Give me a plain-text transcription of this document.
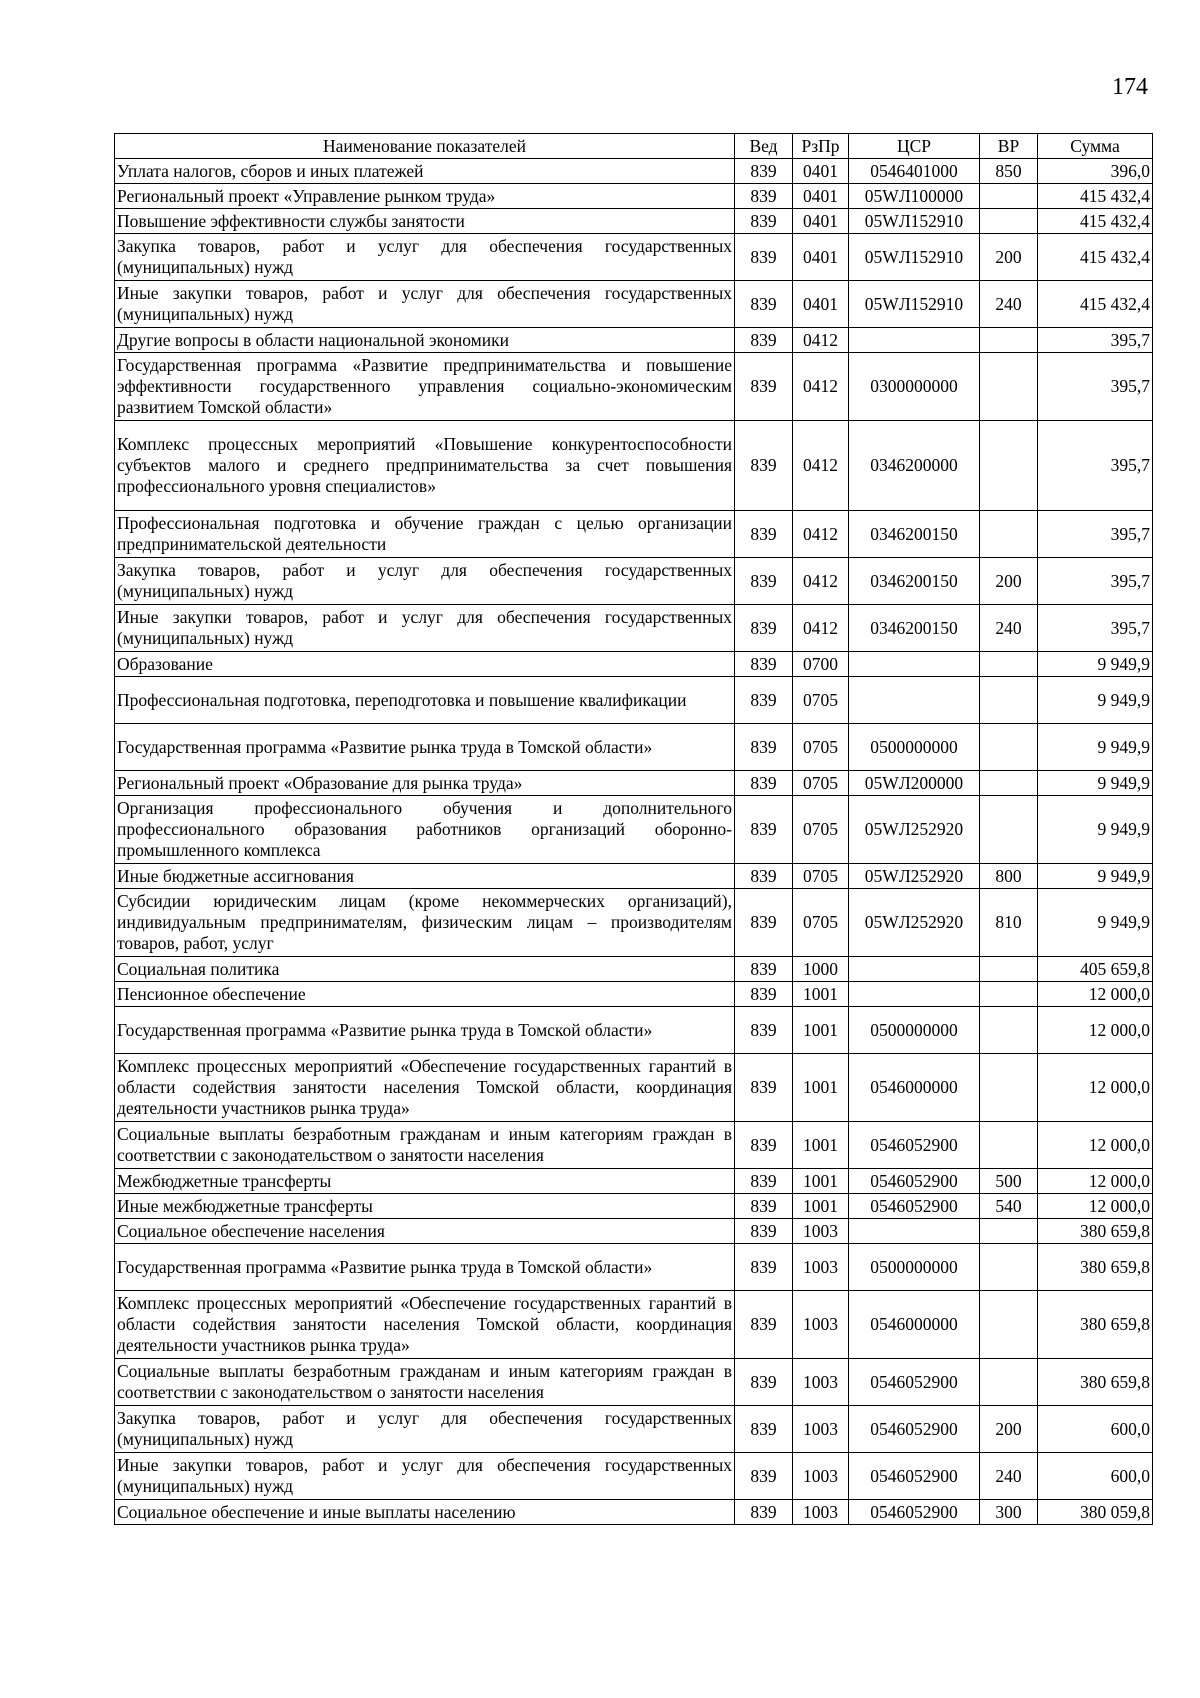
174
Наименование показателей	Вед	РзПр	ЦСР	ВР	Сумма
Уплата налогов, сборов и иных платежей	839	0401	0546401000	850	396,0
Региональный проект «Управление рынком труда»	839	0401	05WЛ100000		415 432,4
Повышение эффективности службы занятости	839	0401	05WЛ152910		415 432,4
Закупка товаров, работ и услуг для обеспечения государственных (муниципальных) нужд	839	0401	05WЛ152910	200	415 432,4
Иные закупки товаров, работ и услуг для обеспечения государственных (муниципальных) нужд	839	0401	05WЛ152910	240	415 432,4
Другие вопросы в области национальной экономики	839	0412			395,7
Государственная программа «Развитие предпринимательства и повышение эффективности государственного управления социально-экономическим развитием Томской области»	839	0412	0300000000		395,7
Комплекс процессных мероприятий «Повышение конкурентоспособности субъектов малого и среднего предпринимательства за счет повышения профессионального уровня специалистов»	839	0412	0346200000		395,7
Профессиональная подготовка и обучение граждан с целью организации предпринимательской деятельности	839	0412	0346200150		395,7
Закупка товаров, работ и услуг для обеспечения государственных (муниципальных) нужд	839	0412	0346200150	200	395,7
Иные закупки товаров, работ и услуг для обеспечения государственных (муниципальных) нужд	839	0412	0346200150	240	395,7
Образование	839	0700			9 949,9
Профессиональная подготовка, переподготовка и повышение квалификации	839	0705			9 949,9
Государственная программа «Развитие рынка труда в Томской области»	839	0705	0500000000		9 949,9
Региональный проект «Образование для рынка труда»	839	0705	05WЛ200000		9 949,9
Организация профессионального обучения и дополнительного профессионального образования работников организаций оборонно-промышленного комплекса	839	0705	05WЛ252920		9 949,9
Иные бюджетные ассигнования	839	0705	05WЛ252920	800	9 949,9
Субсидии юридическим лицам (кроме некоммерческих организаций), индивидуальным предпринимателям, физическим лицам – производителям товаров, работ, услуг	839	0705	05WЛ252920	810	9 949,9
Социальная политика	839	1000			405 659,8
Пенсионное обеспечение	839	1001			12 000,0
Государственная программа «Развитие рынка труда в Томской области»	839	1001	0500000000		12 000,0
Комплекс процессных мероприятий «Обеспечение государственных гарантий в области содействия занятости населения Томской области, координация деятельности участников рынка труда»	839	1001	0546000000		12 000,0
Социальные выплаты безработным гражданам и иным категориям граждан в соответствии с законодательством о занятости населения	839	1001	0546052900		12 000,0
Межбюджетные трансферты	839	1001	0546052900	500	12 000,0
Иные межбюджетные трансферты	839	1001	0546052900	540	12 000,0
Социальное обеспечение населения	839	1003			380 659,8
Государственная программа «Развитие рынка труда в Томской области»	839	1003	0500000000		380 659,8
Комплекс процессных мероприятий «Обеспечение государственных гарантий в области содействия занятости населения Томской области, координация деятельности участников рынка труда»	839	1003	0546000000		380 659,8
Социальные выплаты безработным гражданам и иным категориям граждан в соответствии с законодательством о занятости населения	839	1003	0546052900		380 659,8
Закупка товаров, работ и услуг для обеспечения государственных (муниципальных) нужд	839	1003	0546052900	200	600,0
Иные закупки товаров, работ и услуг для обеспечения государственных (муниципальных) нужд	839	1003	0546052900	240	600,0
Социальное обеспечение и иные выплаты населению	839	1003	0546052900	300	380 059,8
